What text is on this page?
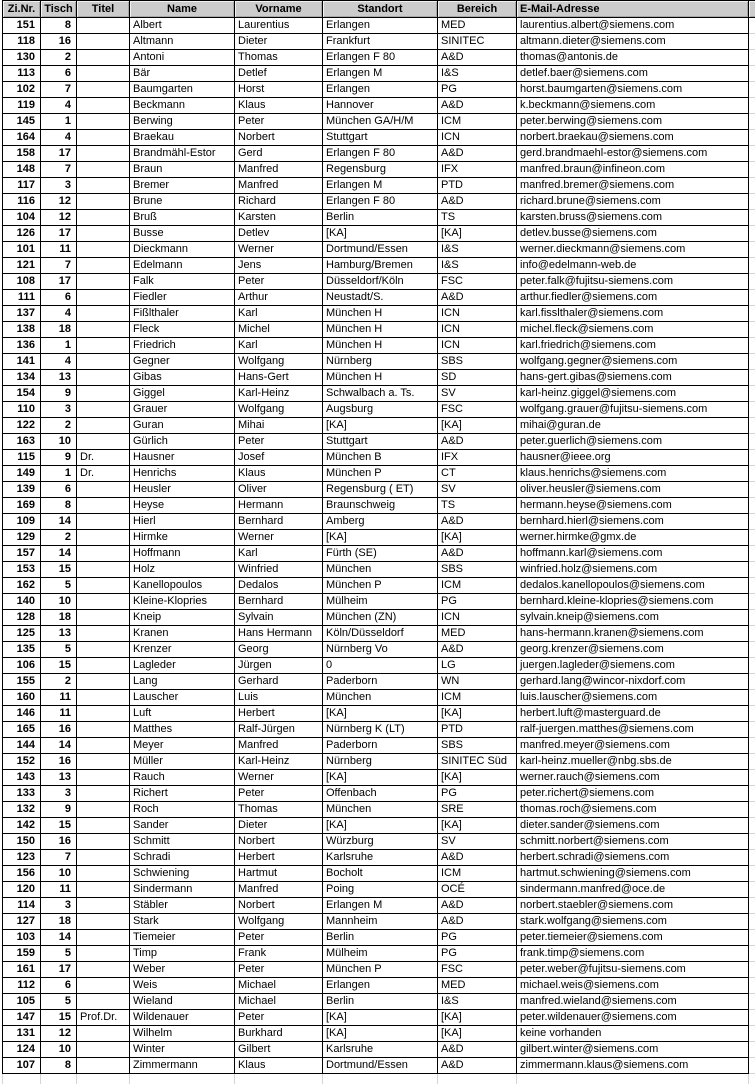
Zi.Nr.	Tisch	Titel	Name	Vorname	Standort	Bereich	E-Mail-Adresse	
151	8		Albert	Laurentius	Erlangen	MED	laurentius.albert@siemens.com	
118	16		Altmann	Dieter	Frankfurt	SINITEC	altmann.dieter@siemens.com	
130	2		Antoni	Thomas	Erlangen F 80	A&D	thomas@antonis.de	
113	6		Bär	Detlef	Erlangen M	I&S	detlef.baer@siemens.com	
102	7		Baumgarten	Horst	Erlangen	PG	horst.baumgarten@siemens.com	
119	4		Beckmann	Klaus	Hannover	A&D	k.beckmann@siemens.com	
145	1		Berwing	Peter	München GA/H/M	ICM	peter.berwing@siemens.com	
164	4		Braekau	Norbert	Stuttgart	ICN	norbert.braekau@siemens.com	
158	17		Brandmähl-Estor	Gerd	Erlangen F 80	A&D	gerd.brandmaehl-estor@siemens.com	
148	7		Braun	Manfred	Regensburg	IFX	manfred.braun@infineon.com	
117	3		Bremer	Manfred	Erlangen M	PTD	manfred.bremer@siemens.com	
116	12		Brune	Richard	Erlangen F 80	A&D	richard.brune@siemens.com	
104	12		Bruß	Karsten	Berlin	TS	karsten.bruss@siemens.com	
126	17		Busse	Detlev	[KA]	[KA]	detlev.busse@siemens.com	
101	11		Dieckmann	Werner	Dortmund/Essen	I&S	werner.dieckmann@siemens.com	
121	7		Edelmann	Jens	Hamburg/Bremen	I&S	info@edelmann-web.de	
108	17		Falk	Peter	Düsseldorf/Köln	FSC	peter.falk@fujitsu-siemens.com	
111	6		Fiedler	Arthur	Neustadt/S.	A&D	arthur.fiedler@siemens.com	
137	4		Fißlthaler	Karl	München H	ICN	karl.fisslthaler@siemens.com	
138	18		Fleck	Michel	München H	ICN	michel.fleck@siemens.com	
136	1		Friedrich	Karl	München H	ICN	karl.friedrich@siemens.com	
141	4		Gegner	Wolfgang	Nürnberg	SBS	wolfgang.gegner@siemens.com	
134	13		Gibas	Hans-Gert	München H	SD	hans-gert.gibas@siemens.com	
154	9		Giggel	Karl-Heinz	Schwalbach a. Ts.	SV	karl-heinz.giggel@siemens.com	
110	3		Grauer	Wolfgang	Augsburg	FSC	wolfgang.grauer@fujitsu-siemens.com	
122	2		Guran	Mihai	[KA]	[KA]	mihai@guran.de	
163	10		Gürlich	Peter	Stuttgart	A&D	peter.guerlich@siemens.com	
115	9	Dr.	Hausner	Josef	München B	IFX	hausner@ieee.org	
149	1	Dr.	Henrichs	Klaus	München P	CT	klaus.henrichs@siemens.com	
139	6		Heusler	Oliver	Regensburg ( ET)	SV	oliver.heusler@siemens.com	
169	8		Heyse	Hermann	Braunschweig	TS	hermann.heyse@siemens.com	
109	14		Hierl	Bernhard	Amberg	A&D	bernhard.hierl@siemens.com	
129	2		Hirmke	Werner	[KA]	[KA]	werner.hirmke@gmx.de	
157	14		Hoffmann	Karl	Fürth (SE)	A&D	hoffmann.karl@siemens.com	
153	15		Holz	Winfried	München	SBS	winfried.holz@siemens.com	
162	5		Kanellopoulos	Dedalos	München P	ICM	dedalos.kanellopoulos@siemens.com	
140	10		Kleine-Klopries	Bernhard	Mülheim	PG	bernhard.kleine-klopries@siemens.com	
128	18		Kneip	Sylvain	München (ZN)	ICN	sylvain.kneip@siemens.com	
125	13		Kranen	Hans Hermann	Köln/Düsseldorf	MED	hans-hermann.kranen@siemens.com	
135	5		Krenzer	Georg	Nürnberg Vo	A&D	georg.krenzer@siemens.com	
106	15		Lagleder	Jürgen	0	LG	juergen.lagleder@siemens.com	
155	2		Lang	Gerhard	Paderborn	WN	gerhard.lang@wincor-nixdorf.com	
160	11		Lauscher	Luis	München	ICM	luis.lauscher@siemens.com	
146	11		Luft	Herbert	[KA]	[KA]	herbert.luft@masterguard.de	
165	16		Matthes	Ralf-Jürgen	Nürnberg K (LT)	PTD	ralf-juergen.matthes@siemens.com	
144	14		Meyer	Manfred	Paderborn	SBS	manfred.meyer@siemens.com	
152	16		Müller	Karl-Heinz	Nürnberg	SINITEC Süd	karl-heinz.mueller@nbg.sbs.de	
143	13		Rauch	Werner	[KA]	[KA]	werner.rauch@siemens.com	
133	3		Richert	Peter	Offenbach	PG	peter.richert@siemens.com	
132	9		Roch	Thomas	München	SRE	thomas.roch@siemens.com	
142	15		Sander	Dieter	[KA]	[KA]	dieter.sander@siemens.com	
150	16		Schmitt	Norbert	Würzburg	SV	schmitt.norbert@siemens.com	
123	7		Schradi	Herbert	Karlsruhe	A&D	herbert.schradi@siemens.com	
156	10		Schwiening	Hartmut	Bocholt	ICM	hartmut.schwiening@siemens.com	
120	11		Sindermann	Manfred	Poing	OCÉ	sindermann.manfred@oce.de	
114	3		Stäbler	Norbert	Erlangen M	A&D	norbert.staebler@siemens.com	
127	18		Stark	Wolfgang	Mannheim	A&D	stark.wolfgang@siemens.com	
103	14		Tiemeier	Peter	Berlin	PG	peter.tiemeier@siemens.com	
159	5		Timp	Frank	Mülheim	PG	frank.timp@siemens.com	
161	17		Weber	Peter	München P	FSC	peter.weber@fujitsu-siemens.com	
112	6		Weis	Michael	Erlangen	MED	michael.weis@siemens.com	
105	5		Wieland	Michael	Berlin	I&S	manfred.wieland@siemens.com	
147	15	Prof.Dr.	Wildenauer	Peter	[KA]	[KA]	peter.wildenauer@siemens.com	
131	12		Wilhelm	Burkhard	[KA]	[KA]	keine vorhanden	
124	10		Winter	Gilbert	Karlsruhe	A&D	gilbert.winter@siemens.com	
107	8		Zimmermann	Klaus	Dortmund/Essen	A&D	zimmermann.klaus@siemens.com	
